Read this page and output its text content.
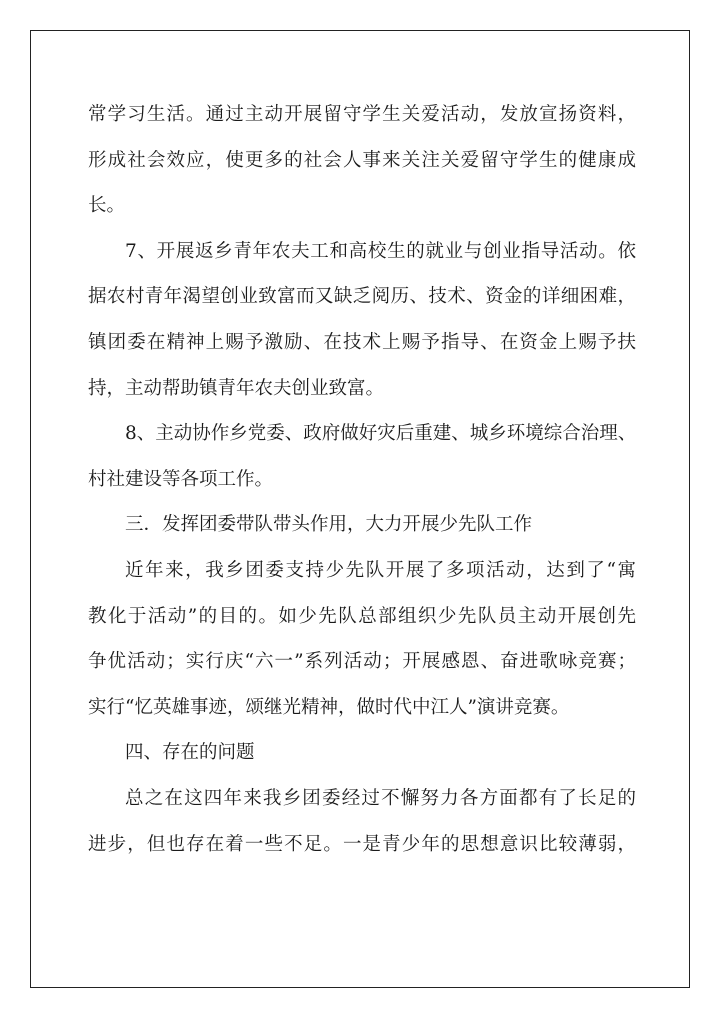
常学习生活。通过主动开展留守学生关爱活动，发放宣扬资料，
形成社会效应，使更多的社会人事来关注关爱留守学生的健康成
长。
7、开展返乡青年农夫工和高校生的就业与创业指导活动。依
据农村青年渴望创业致富而又缺乏阅历、技术、资金的详细困难，
镇团委在精神上赐予激励、在技术上赐予指导、在资金上赐予扶
持，主动帮助镇青年农夫创业致富。
8、主动协作乡党委、政府做好灾后重建、城乡环境综合治理、
村社建设等各项工作。
三．发挥团委带队带头作用，大力开展少先队工作
近年来，我乡团委支持少先队开展了多项活动，达到了“寓
教化于活动”的目的。如少先队总部组织少先队员主动开展创先
争优活动；实行庆“六一”系列活动；开展感恩、奋进歌咏竞赛；
实行“忆英雄事迹，颂继光精神，做时代中江人”演讲竞赛。
四、存在的问题
总之在这四年来我乡团委经过不懈努力各方面都有了长足的
进步，但也存在着一些不足。一是青少年的思想意识比较薄弱，
